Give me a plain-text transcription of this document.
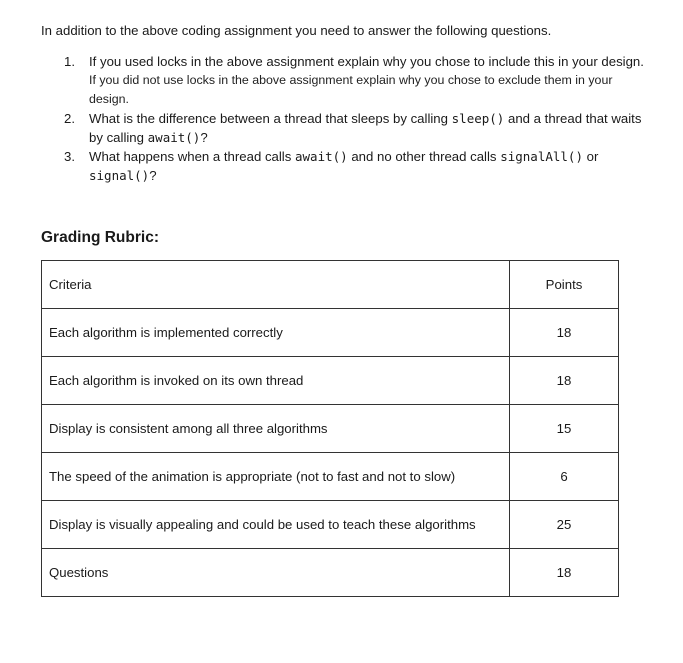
In addition to the above coding assignment you need to answer the following questions.
1. If you used locks in the above assignment explain why you chose to include this in your design.
If you did not use locks in the above assignment explain why you chose to exclude them in your
design.
2. What is the difference between a thread that sleeps by calling sleep() and a thread that waits
by calling await()?
3. What happens when a thread calls await() and no other thread calls signalAll() or
signal()?
Grading Rubric:
Criteria	Points
Each algorithm is implemented correctly	18
Each algorithm is invoked on its own thread	18
Display is consistent among all three algorithms	15
The speed of the animation is appropriate (not to fast and not to slow)	6
Display is visually appealing and could be used to teach these algorithms	25
Questions	18
